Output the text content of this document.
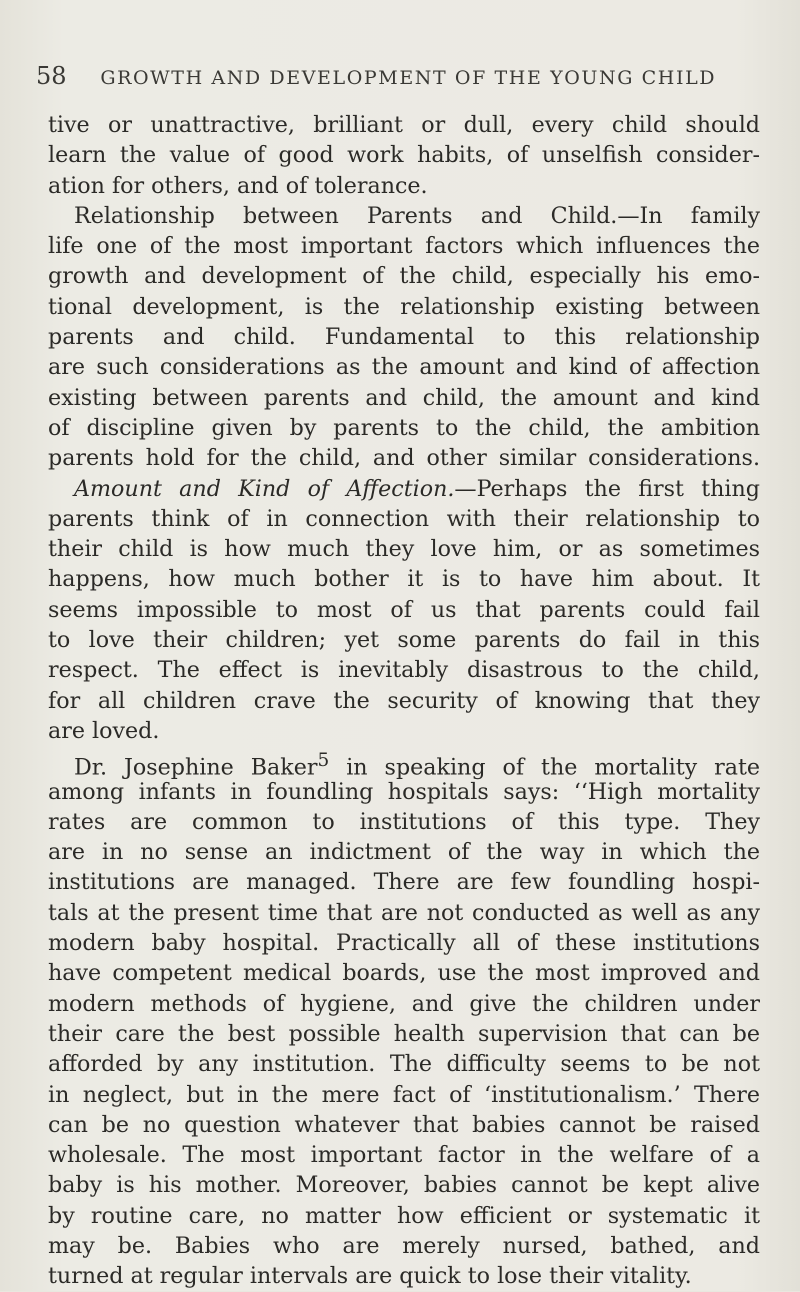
58 GROWTH AND DEVELOPMENT OF THE YOUNG CHILD
tive or unattractive, brilliant or dull, every child should
learn the value of good work habits, of unselfish consider-
ation for others, and of tolerance.
Relationship between Parents and Child.—In family
life one of the most important factors which influences the
growth and development of the child, especially his emo-
tional development, is the relationship existing between
parents and child. Fundamental to this relationship
are such considerations as the amount and kind of affection
existing between parents and child, the amount and kind
of discipline given by parents to the child, the ambition
parents hold for the child, and other similar considerations.
Amount and Kind of Affection.—Perhaps the first thing
parents think of in connection with their relationship to
their child is how much they love him, or as sometimes
happens, how much bother it is to have him about. It
seems impossible to most of us that parents could fail
to love their children; yet some parents do fail in this
respect. The effect is inevitably disastrous to the child,
for all children crave the security of knowing that they
are loved.
Dr. Josephine Baker$^5$ in speaking of the mortality rate
among infants in foundling hospitals says: ‘‘High mortality
rates are common to institutions of this type. They
are in no sense an indictment of the way in which the
institutions are managed. There are few foundling hospi-
tals at the present time that are not conducted as well as any
modern baby hospital. Practically all of these institutions
have competent medical boards, use the most improved and
modern methods of hygiene, and give the children under
their care the best possible health supervision that can be
afforded by any institution. The difficulty seems to be not
in neglect, but in the mere fact of ‘institutionalism.’ There
can be no question whatever that babies cannot be raised
wholesale. The most important factor in the welfare of a
baby is his mother. Moreover, babies cannot be kept alive
by routine care, no matter how efficient or systematic it
may be. Babies who are merely nursed, bathed, and
turned at regular intervals are quick to lose their vitality.
